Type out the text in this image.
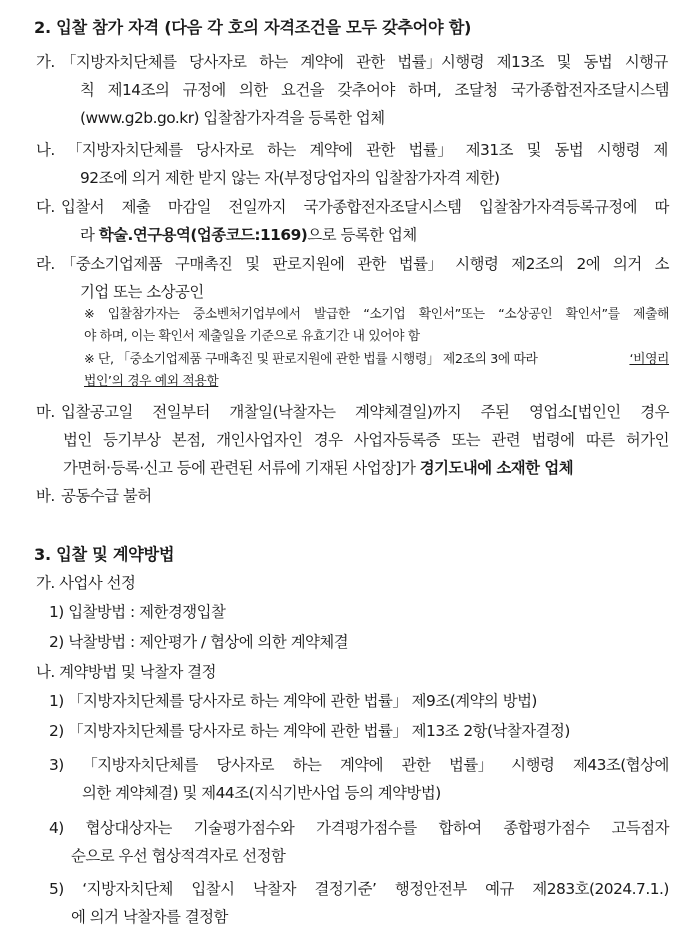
2. 입찰 참가 자격 (다음 각 호의 자격조건을 모두 갖추어야 함)
가. 「지방자치단체를 당사자로 하는 계약에 관한 법률」시행령 제13조 및 동법 시행규
칙 제14조의 규정에 의한 요건을 갖추어야 하며, 조달청 국가종합전자조달시스템
(www.g2b.go.kr) 입찰참가자격을 등록한 업체
나. 「지방자치단체를 당사자로 하는 계약에 관한 법률」 제31조 및 동법 시행령 제
92조에 의거 제한 받지 않는 자(부정당업자의 입찰참가자격 제한)
다. 입찰서 제출 마감일 전일까지 국가종합전자조달시스템 입찰참가자격등록규정에 따
라 학술.연구용역(업종코드:1169)으로 등록한 업체
라. 「중소기업제품 구매촉진 및 판로지원에 관한 법률」 시행령 제2조의 2에 의거 소
기업 또는 소상공인
※ 입찰참가자는 중소벤처기업부에서 발급한 “소기업 확인서”또는 “소상공인 확인서”를 제출해
야 하며, 이는 확인서 제출일을 기준으로 유효기간 내 있어야 함
※ 단, 「중소기업제품 구매촉진 및 판로지원에 관한 법률 시행령」 제2조의 3에 따라	‘비영리
법인’의 경우 예외 적용함
마. 입찰공고일 전일부터 개찰일(낙찰자는 계약체결일)까지 주된 영업소[법인인 경우
법인 등기부상 본점, 개인사업자인 경우 사업자등록증 또는 관련 법령에 따른 허가인
가면허·등록·신고 등에 관련된 서류에 기재된 사업장]가 경기도내에 소재한 업체
바. 공동수급 불허
3. 입찰 및 계약방법
가. 사업사 선정
1) 입찰방법 : 제한경쟁입찰
2) 낙찰방법 : 제안평가 / 협상에 의한 계약체결
나. 계약방법 및 낙찰자 결정
1) 「지방자치단체를 당사자로 하는 계약에 관한 법률」 제9조(계약의 방법)
2) 「지방자치단체를 당사자로 하는 계약에 관한 법률」 제13조 2항(낙찰자결정)
3) 「지방자치단체를 당사자로 하는 계약에 관한 법률」 시행령 제43조(협상에
의한 계약체결) 및 제44조(지식기반사업 등의 계약방법)
4) 협상대상자는 기술평가점수와 가격평가점수를 합하여 종합평가점수 고득점자
순으로 우선 협상적격자로 선정함
5) ‘지방자치단체 입찰시 낙찰자 결정기준’ 행정안전부 예규 제283호(2024.7.1.)
에 의거 낙찰자를 결정함
